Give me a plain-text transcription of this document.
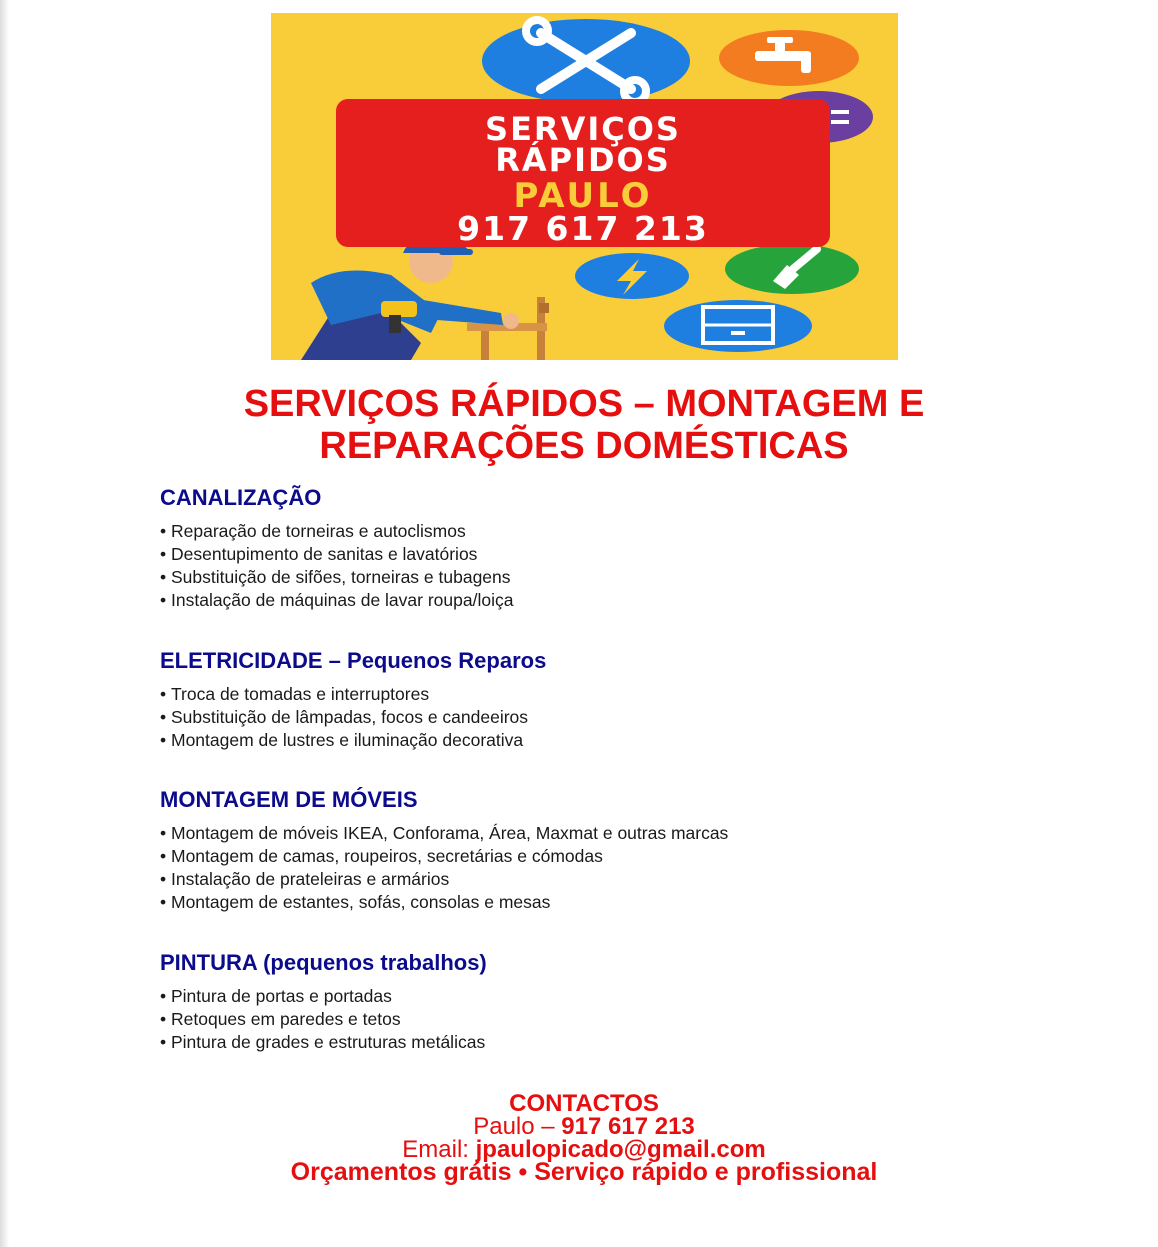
SERVIÇOS
RÁPIDOS
PAULO
917 617 213
SERVIÇOS RÁPIDOS – MONTAGEM E
REPARAÇÕES DOMÉSTICAS
CANALIZAÇÃO
• Reparação de torneiras e autoclismos
• Desentupimento de sanitas e lavatórios
• Substituição de sifões, torneiras e tubagens
• Instalação de máquinas de lavar roupa/loiça
ELETRICIDADE – Pequenos Reparos
• Troca de tomadas e interruptores
• Substituição de lâmpadas, focos e candeeiros
• Montagem de lustres e iluminação decorativa
MONTAGEM DE MÓVEIS
• Montagem de móveis IKEA, Conforama, Área, Maxmat e outras marcas
• Montagem de camas, roupeiros, secretárias e cómodas
• Instalação de prateleiras e armários
• Montagem de estantes, sofás, consolas e mesas
PINTURA (pequenos trabalhos)
• Pintura de portas e portadas
• Retoques em paredes e tetos
• Pintura de grades e estruturas metálicas
CONTACTOS
Paulo – 917 617 213
Email: jpaulopicado@gmail.com
Orçamentos grátis • Serviço rápido e profissional
